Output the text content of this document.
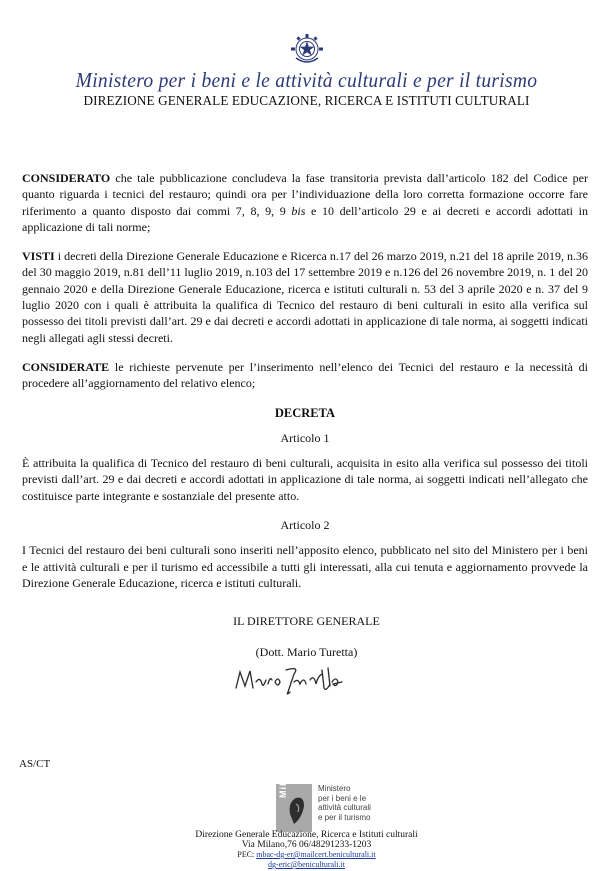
Ministero per i beni e le attività culturali e per il turismo
DIREZIONE GENERALE EDUCAZIONE, RICERCA E ISTITUTI CULTURALI

CONSIDERATO che tale pubblicazione concludeva la fase transitoria prevista dall’articolo 182 del Codice per quanto riguarda i tecnici del restauro; quindi ora per l’individuazione della loro corretta formazione occorre fare riferimento a quanto disposto dai commi 7, 8, 9, 9 bis e 10 dell’articolo 29 e ai decreti e accordi adottati in applicazione di tali norme;

VISTI i decreti della Direzione Generale Educazione e Ricerca n.17 del 26 marzo 2019, n.21 del 18 aprile 2019, n.36 del 30 maggio 2019, n.81 dell’11 luglio 2019, n.103 del 17 settembre 2019 e n.126 del 26 novembre 2019, n. 1 del 20 gennaio 2020 e della Direzione Generale Educazione, ricerca e istituti culturali n. 53 del 3 aprile 2020 e n. 37 del 9 luglio 2020 con i quali è attribuita la qualifica di Tecnico del restauro di beni culturali in esito alla verifica sul possesso dei titoli previsti dall’art. 29 e dai decreti e accordi adottati in applicazione di tale norma, ai soggetti indicati negli allegati agli stessi decreti.

CONSIDERATE le richieste pervenute per l’inserimento nell’elenco dei Tecnici del restauro e la necessità di procedere all’aggiornamento del relativo elenco;

DECRETA
Articolo 1

È attribuita la qualifica di Tecnico del restauro di beni culturali, acquisita in esito alla verifica sul possesso dei titoli previsti dall’art. 29 e dai decreti e accordi adottati in applicazione di tale norma, ai soggetti indicati nell’allegato che costituisce parte integrante e sostanziale del presente atto.

Articolo 2

I Tecnici del restauro dei beni culturali sono inseriti nell’apposito elenco, pubblicato nel sito del Ministero per i beni e le attività culturali e per il turismo ed accessibile a tutti gli interessati, alla cui tenuta e aggiornamento provvede la Direzione Generale Educazione, ricerca e istituti culturali.

IL DIRETTORE GENERALE
(Dott. Mario Turetta)
AS/CT	MiBACT	Ministero
per i beni e le
attività culturali
e per il turismo
Direzione Generale Educazione, Ricerca e Istituti culturali
Via Milano,76 06/48291233-1203
PEC: mbac-dg-er@mailcert.beniculturali.it
dg-eric@beniculturali.it
